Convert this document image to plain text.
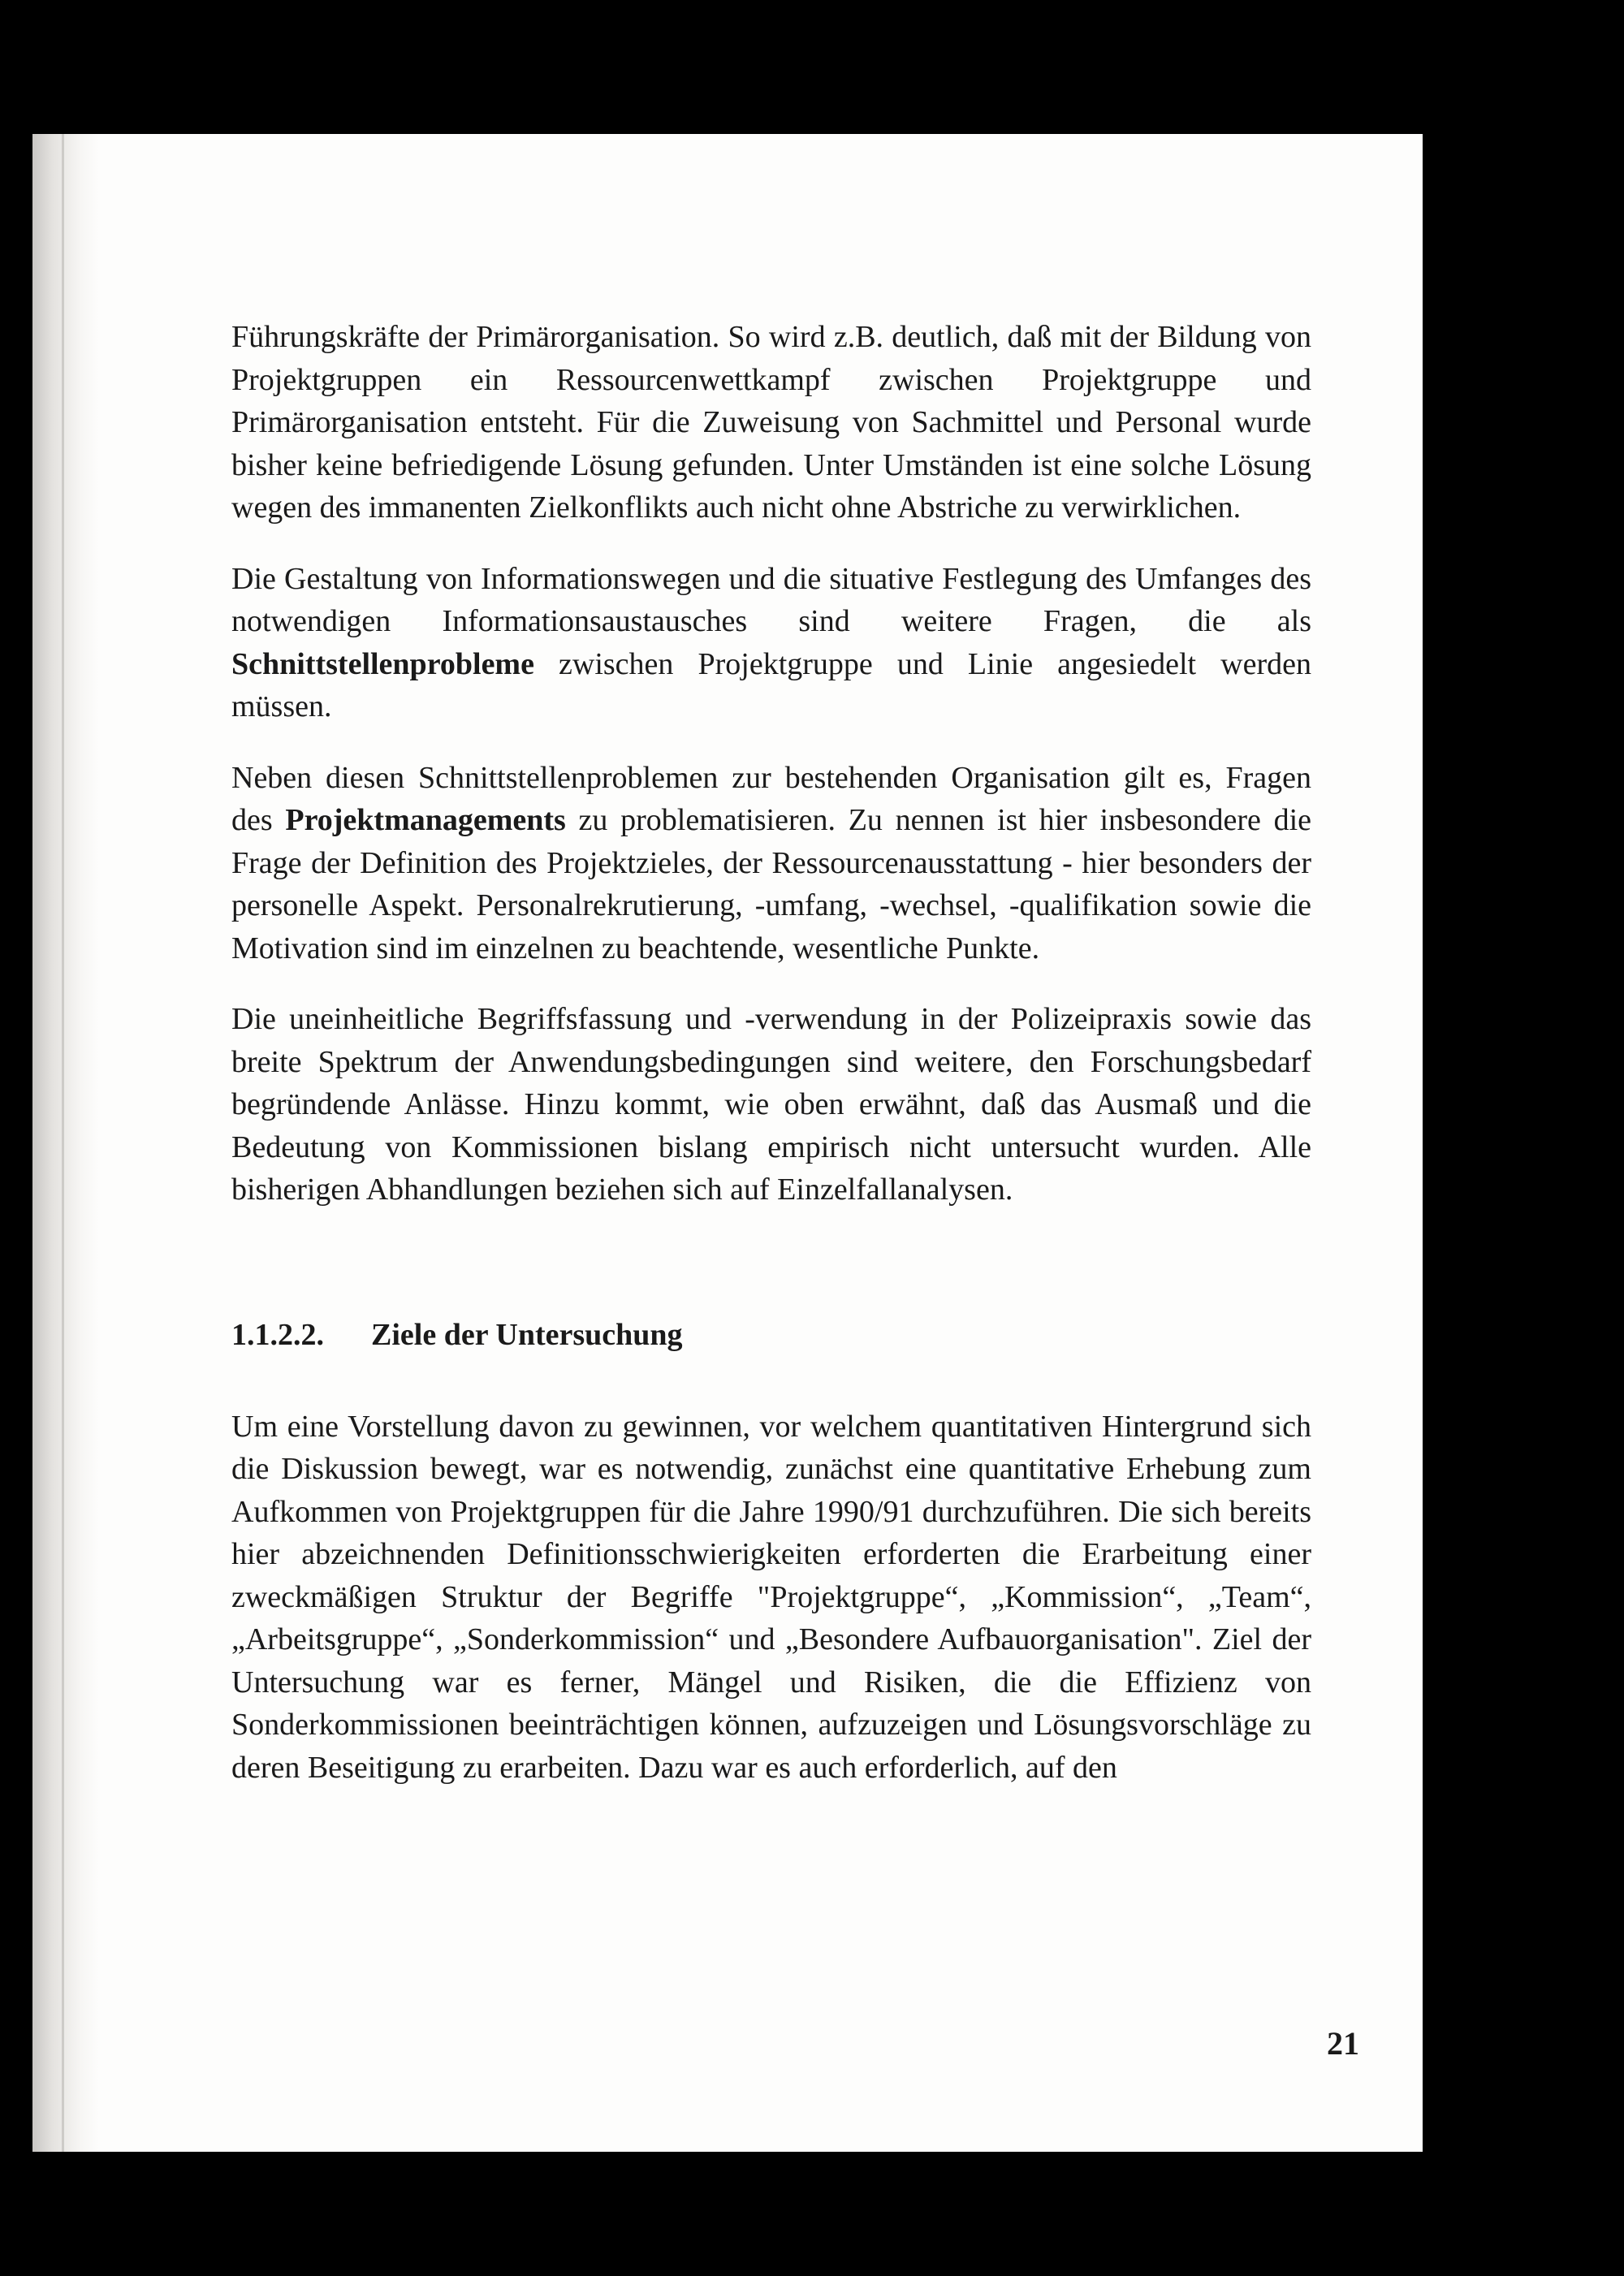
Führungskräfte der Primärorganisation. So wird z.B. deutlich, daß mit der Bildung von Projektgruppen ein Ressourcenwettkampf zwischen Projektgruppe und Primärorganisation entsteht. Für die Zuweisung von Sachmittel und Personal wurde bisher keine befriedigende Lösung gefunden. Unter Umständen ist eine solche Lösung wegen des immanenten Zielkonflikts auch nicht ohne Abstriche zu verwirklichen.

Die Gestaltung von Informationswegen und die situative Festlegung des Umfanges des notwendigen Informationsaustausches sind weitere Fragen, die als Schnittstellenprobleme zwischen Projektgruppe und Linie angesiedelt werden müssen.

Neben diesen Schnittstellenproblemen zur bestehenden Organisation gilt es, Fragen des Projektmanagements zu problematisieren. Zu nennen ist hier insbesondere die Frage der Definition des Projektzieles, der Ressourcenausstattung - hier besonders der personelle Aspekt. Personalrekrutierung, -umfang, -wechsel, -qualifikation sowie die Motivation sind im einzelnen zu beachtende, wesentliche Punkte.

Die uneinheitliche Begriffsfassung und -verwendung in der Polizeipraxis sowie das breite Spektrum der Anwendungsbedingungen sind weitere, den Forschungsbedarf begründende Anlässe. Hinzu kommt, wie oben erwähnt, daß das Ausmaß und die Bedeutung von Kommissionen bislang empirisch nicht untersucht wurden. Alle bisherigen Abhandlungen beziehen sich auf Einzelfallanalysen.

1.1.2.2. Ziele der Untersuchung

Um eine Vorstellung davon zu gewinnen, vor welchem quantitativen Hintergrund sich die Diskussion bewegt, war es notwendig, zunächst eine quantitative Erhebung zum Aufkommen von Projektgruppen für die Jahre 1990/91 durchzuführen. Die sich bereits hier abzeichnenden Definitionsschwierigkeiten erforderten die Erarbeitung einer zweckmäßigen Struktur der Begriffe "Projektgruppe“, „Kommission“, „Team“, „Arbeitsgruppe“, „Sonderkommission“ und „Besondere Aufbauorganisation". Ziel der Untersuchung war es ferner, Mängel und Risiken, die die Effizienz von Sonderkommissionen beeinträchtigen können, aufzuzeigen und Lösungsvorschläge zu deren Beseitigung zu erarbeiten. Dazu war es auch erforderlich, auf den

21
